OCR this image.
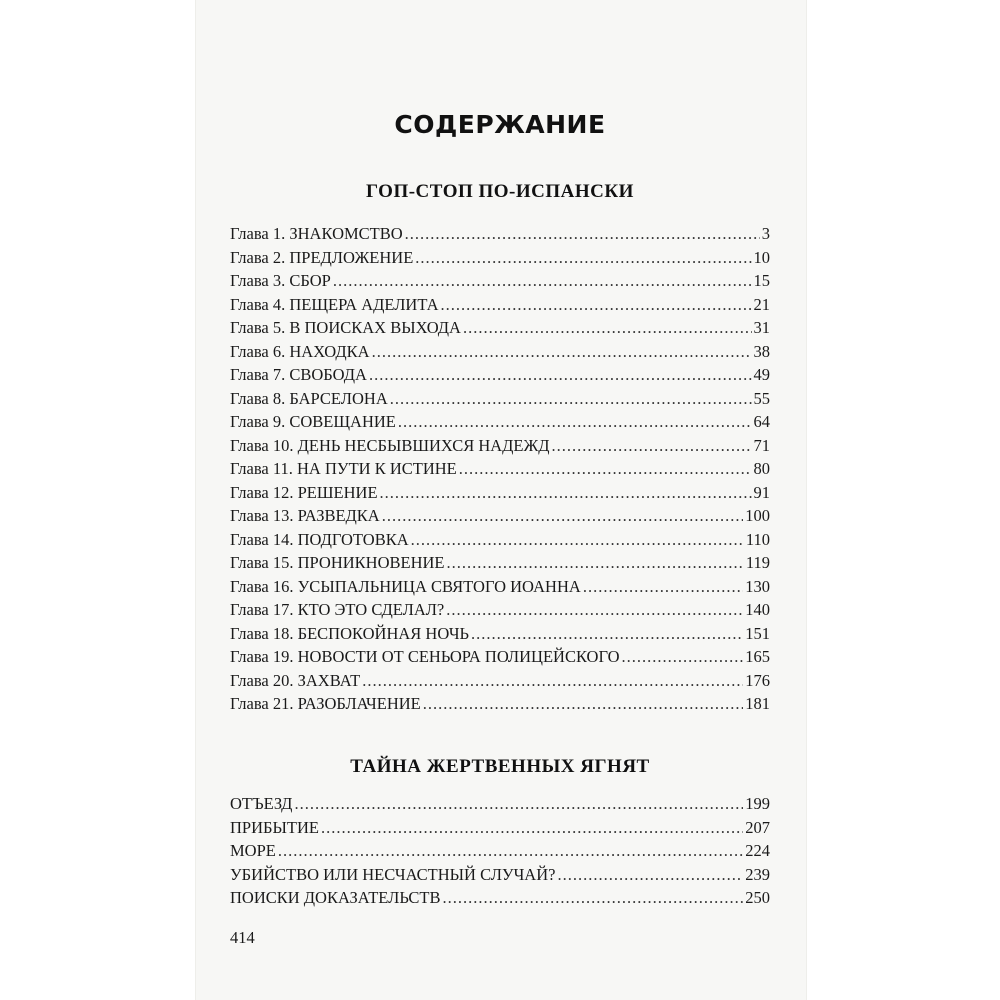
СОДЕРЖАНИЕ
ГОП-СТОП ПО-ИСПАНСКИ
Глава 1. ЗНАКОМСТВО .....	3
Глава 2. ПРЕДЛОЖЕНИЕ .....	10
Глава 3. СБОР .....	15
Глава 4. ПЕЩЕРА АДЕЛИТА .....	21
Глава 5. В ПОИСКАХ ВЫХОДА .....	31
Глава 6. НАХОДКА .....	38
Глава 7. СВОБОДА .....	49
Глава 8. БАРСЕЛОНА .....	55
Глава 9. СОВЕЩАНИЕ .....	64
Глава 10. ДЕНЬ НЕСБЫВШИХСЯ НАДЕЖД .....	71
Глава 11. НА ПУТИ К ИСТИНЕ .....	80
Глава 12. РЕШЕНИЕ .....	91
Глава 13. РАЗВЕДКА .....	100
Глава 14. ПОДГОТОВКА .....	110
Глава 15. ПРОНИКНОВЕНИЕ .....	119
Глава 16. УСЫПАЛЬНИЦА СВЯТОГО ИОАННА .....	130
Глава 17. КТО ЭТО СДЕЛАЛ? .....	140
Глава 18. БЕСПОКОЙНАЯ НОЧЬ .....	151
Глава 19. НОВОСТИ ОТ СЕНЬОРА ПОЛИЦЕЙСКОГО .....	165
Глава 20. ЗАХВАТ .....	176
Глава 21. РАЗОБЛАЧЕНИЕ .....	181
ТАЙНА ЖЕРТВЕННЫХ ЯГНЯТ
ОТЪЕЗД .....	199
ПРИБЫТИЕ .....	207
МОРЕ .....	224
УБИЙСТВО ИЛИ НЕСЧАСТНЫЙ СЛУЧАЙ? .....	239
ПОИСКИ ДОКАЗАТЕЛЬСТВ .....	250
414
